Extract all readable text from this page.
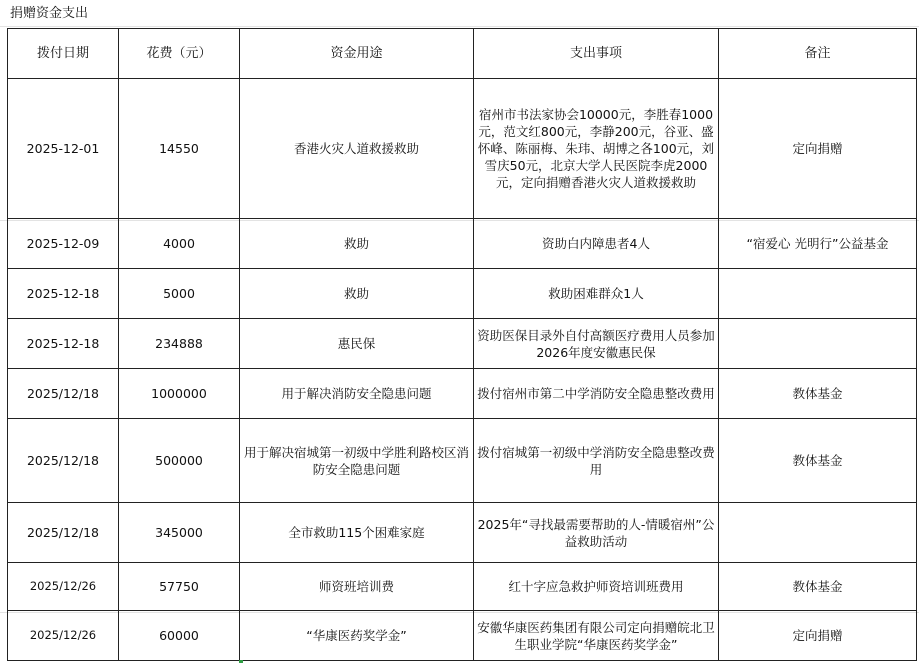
捐赠资金支出
拨付日期	花费（元）	资金用途	支出事项	备注
2025-12-01	14550	香港火灾人道救援救助	宿州市书法家协会10000元，李胜春1000元，范文红800元，李静200元，谷亚、盛怀峰、陈丽梅、朱玮、胡博之各100元，刘雪庆50元，北京大学人民医院李虎2000元，定向捐赠香港火灾人道救援救助	定向捐赠
2025-12-09	4000	救助	资助白内障患者4人	“宿爱心 光明行”公益基金
2025-12-18	5000	救助	救助困难群众1人	
2025-12-18	234888	惠民保	资助医保目录外自付高额医疗费用人员参加2026年度安徽惠民保	
2025/12/18	1000000	用于解决消防安全隐患问题	拨付宿州市第二中学消防安全隐患整改费用	教体基金
2025/12/18	500000	用于解决宿城第一初级中学胜利路校区消防安全隐患问题	拨付宿城第一初级中学消防安全隐患整改费用	教体基金
2025/12/18	345000	全市救助115个困难家庭	2025年“寻找最需要帮助的人-情暖宿州”公益救助活动	
2025/12/26	57750	师资班培训费	红十字应急救护师资培训班费用	教体基金
2025/12/26	60000	“华康医药奖学金”	安徽华康医药集团有限公司定向捐赠皖北卫生职业学院“华康医药奖学金”	定向捐赠
